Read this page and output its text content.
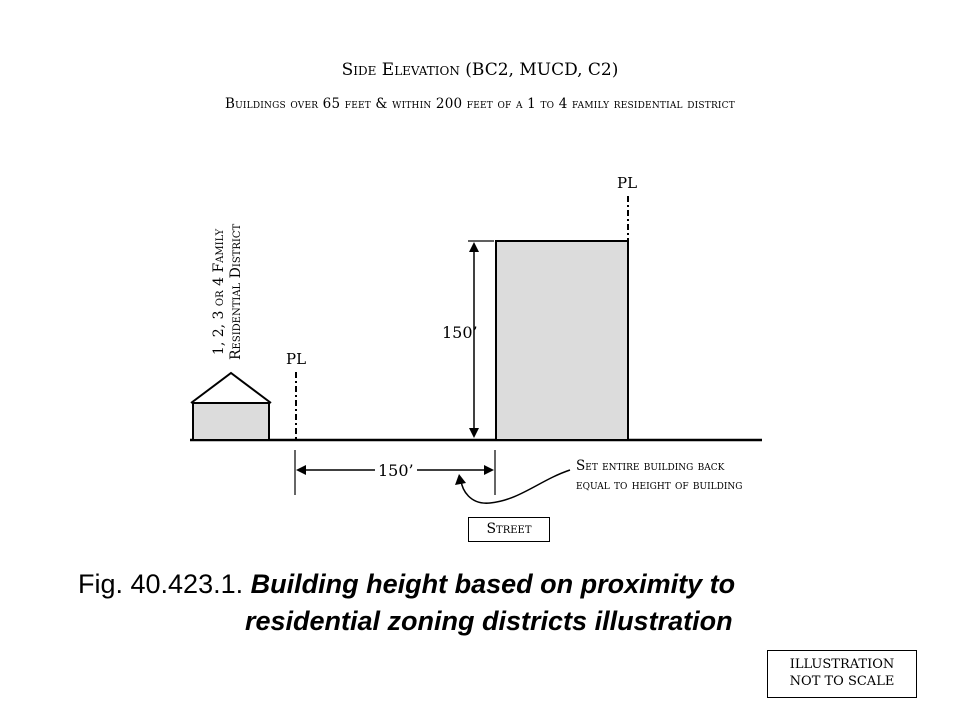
Side Elevation (BC2, MUCD, C2)
Buildings over 65 feet & within 200 feet of a 1 to 4 family residential district
1, 2, 3 or 4 Family Residential District	PL
PL
150’
150’	Set entire building back
equal to height of building
Street
Fig. 40.423.1. Building height based on proximity to
residential zoning districts illustration
ILLUSTRATION
NOT TO SCALE
